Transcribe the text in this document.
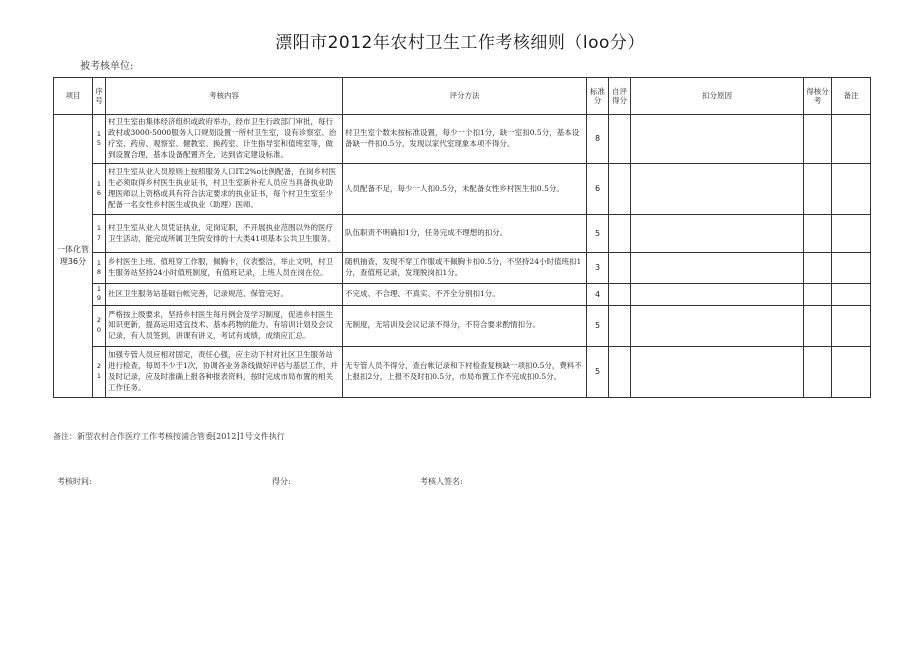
漂阳市2012年农村卫生工作考核细则（loo分）
被考核单位:
项目	序号	考核内容	评分方法	标准分	自评得分	扣分原因	得核分考	备注
一体化管理36分	15	村卫生室由集体经济组织或政府举办，经市卫生行政部门审批，每行政村或3000-5000服务人口规划设置一所村卫生室，设有诊察室、治疗室、药房、观察室、健教室、换药室、计生指导室和值班室等，做到设置合理，基本设备配置齐全，达到省定建设标准。	村卫生室个数未按标准设置，每少一个扣1分，缺一室扣0.5分，基本设备缺一件扣0.5分，发现以家代室现象本项不得分。	8				
	16	村卫生室从业人员原则上按照服务人口IT.2%o比例配备，在岗乡村医生必须取得乡村医生执业证书，村卫生室新补充人员应当具备执业助理医师以上资格或具有符合法定要求的执业证书，每个村卫生室至少配备一名女性乡村医生或执业（助理）医师。	人员配备不足，每少一人扣0.5分，未配备女性乡村医生扣0.5分。	6				
	17	村卫生室从业人员凭证执业，定岗定职，不开展执业范围以外的医疗卫生活动，能完成所属卫生院安排的十大类41项基本公共卫生服务。	队伍职责不明确扣1分，任务完成不理想的扣分。	5				
	18	乡村医生上班、值班穿工作服，佩胸卡，仪表整洁，举止文明，村卫生服务站坚持24小时值班制度，有值班记录，上班人员在岗在位。	随机抽查，发现不穿工作服或不佩胸卡扣0.5分，不坚持24小时值班扣1分，查值班记录，发现脱岗扣1分。	3				
	19	社区卫生服务站基础台帐完善，记录规范、保管完好。	不完成、不合理、不真实、不齐全分别扣1分。	4				
	20	严格按上级要求，坚持乡村医生每月例会及学习制度，促进乡村医生知识更新，提高运用适宜技术、基本药物的能力。有培训计划及会议记录，有人员签到，讲课有讲义，考试有成绩，成绩应汇总。	无制度，无培训及会议记录不得分，不符合要求酌情扣分。	5				
	21	加强专管人员应相对固定，责任心强，应主动下村对社区卫生服务站进行检查，每周不少于1次，协调各业务条线做好评估与基层工作，并及时记录，应及时准确上报各种报表资料，按时完成市局布置的相关工作任务。	无专管人员不得分，查台帐记录和下村检查复核缺一项扣0.5分，费料不上报扣2分，上报不及时扣0.5分，市局布置工作不完成扣0.5分。	5				
备注：新型农村合作医疗工作考核按浦合管委[2012]1号文件执行
考核时间:	得分:	考核人签名:
